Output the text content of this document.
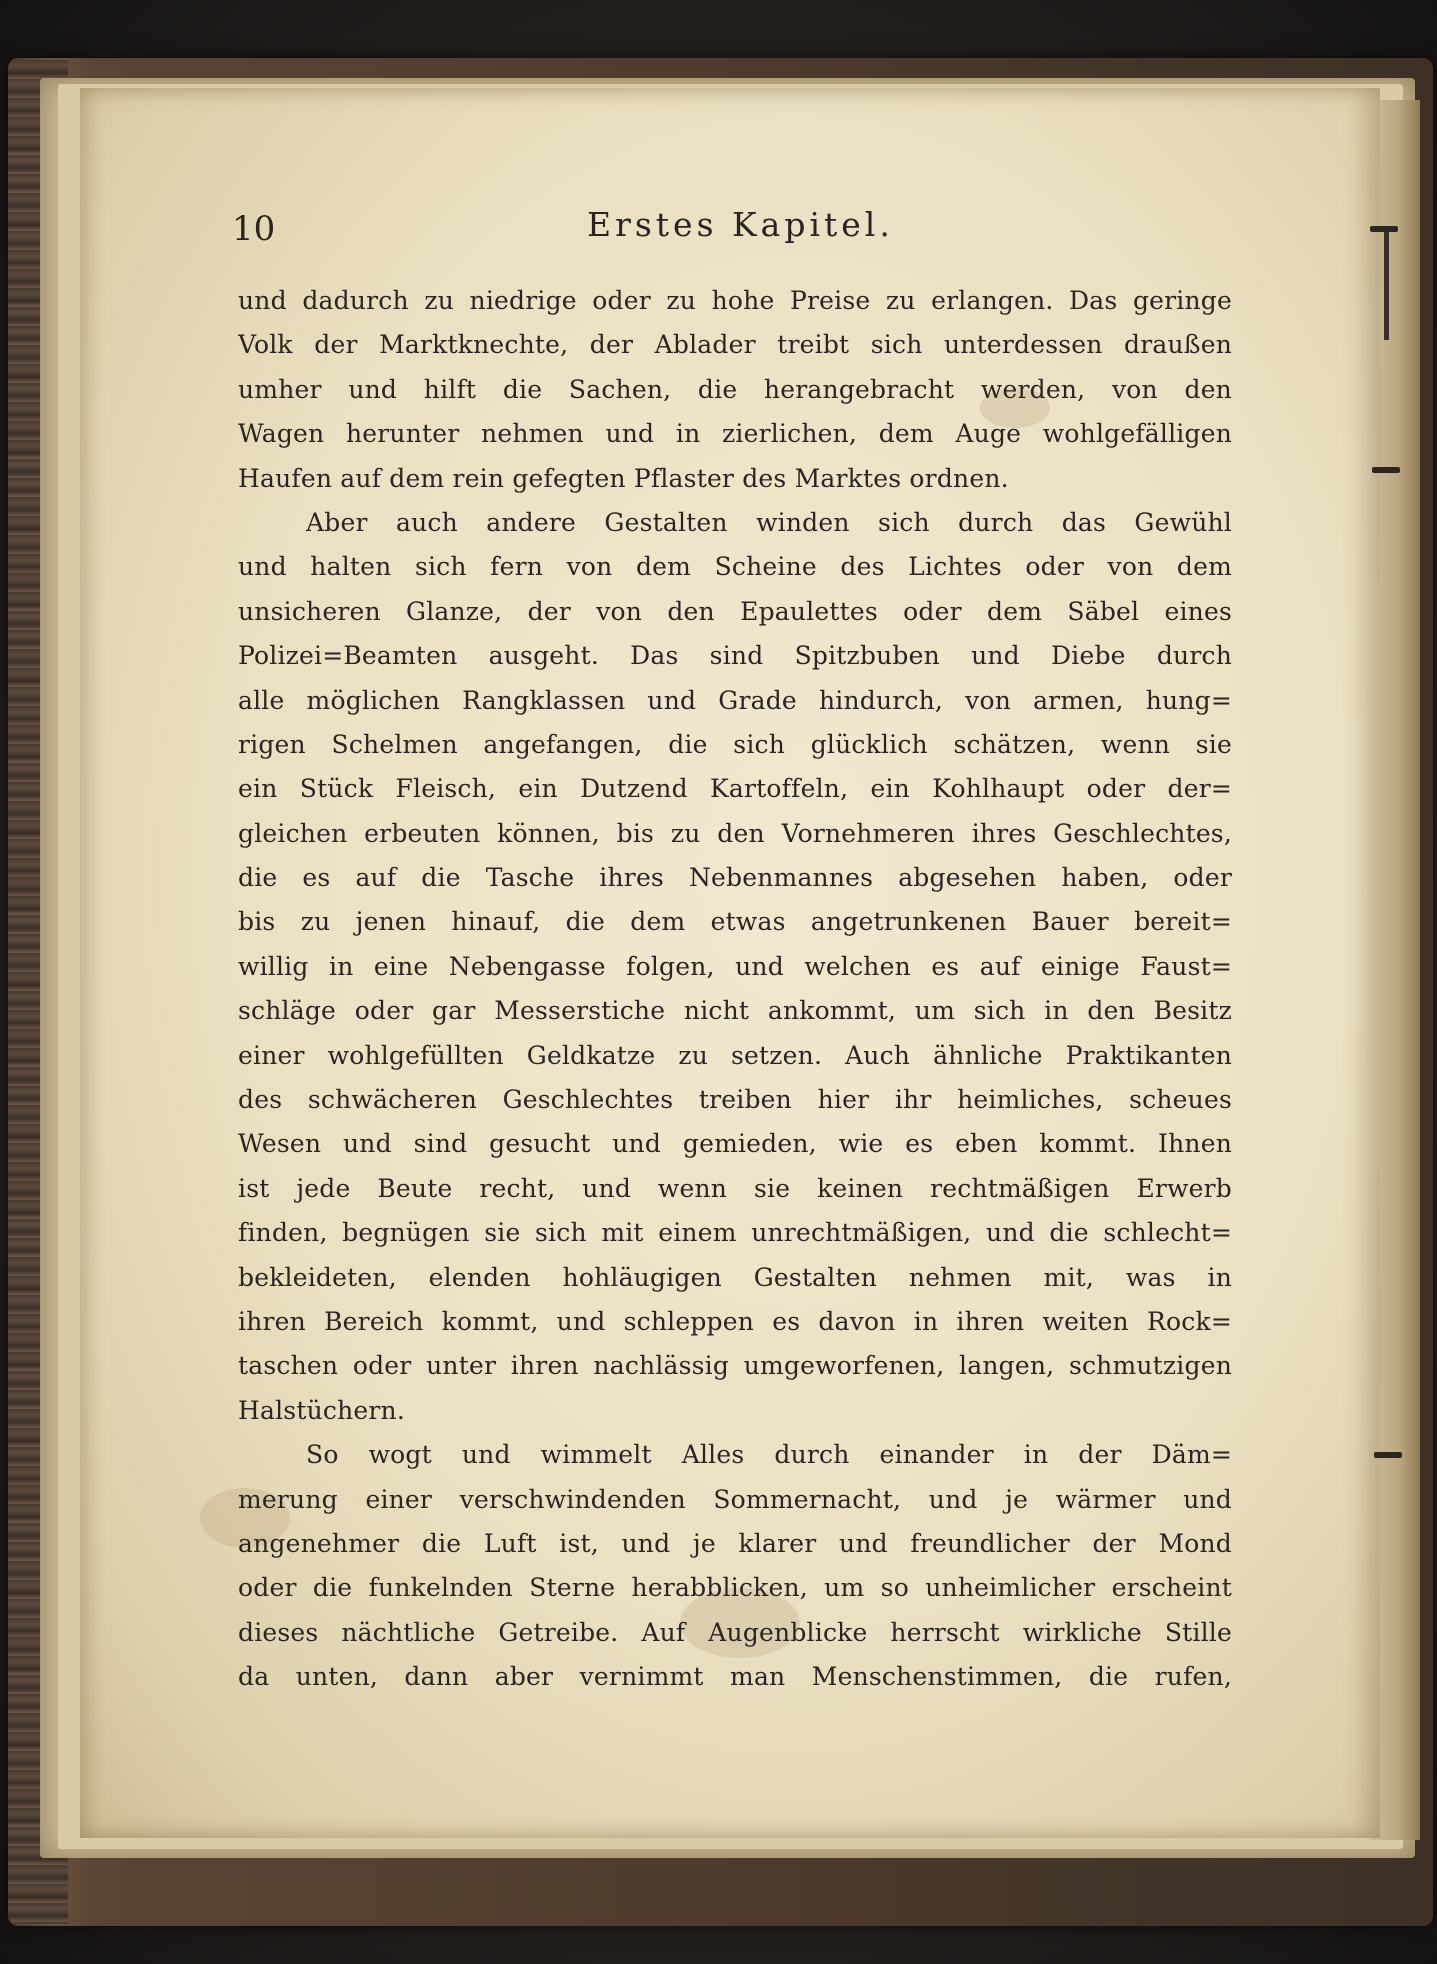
10	Erstes Kapitel.
und dadurch zu niedrige oder zu hohe Preise zu erlangen. Das geringe
Volk der Marktknechte, der Ablader treibt sich unterdessen draußen
umher und hilft die Sachen, die herangebracht werden, von den
Wagen herunter nehmen und in zierlichen, dem Auge wohlgefälligen
Haufen auf dem rein gefegten Pflaster des Marktes ordnen.
Aber auch andere Gestalten winden sich durch das Gewühl
und halten sich fern von dem Scheine des Lichtes oder von dem
unsicheren Glanze, der von den Epaulettes oder dem Säbel eines
Polizei=Beamten ausgeht. Das sind Spitzbuben und Diebe durch
alle möglichen Rangklassen und Grade hindurch, von armen, hung=
rigen Schelmen angefangen, die sich glücklich schätzen, wenn sie
ein Stück Fleisch, ein Dutzend Kartoffeln, ein Kohlhaupt oder der=
gleichen erbeuten können, bis zu den Vornehmeren ihres Geschlechtes,
die es auf die Tasche ihres Nebenmannes abgesehen haben, oder
bis zu jenen hinauf, die dem etwas angetrunkenen Bauer bereit=
willig in eine Nebengasse folgen, und welchen es auf einige Faust=
schläge oder gar Messerstiche nicht ankommt, um sich in den Besitz
einer wohlgefüllten Geldkatze zu setzen. Auch ähnliche Praktikanten
des schwächeren Geschlechtes treiben hier ihr heimliches, scheues
Wesen und sind gesucht und gemieden, wie es eben kommt. Ihnen
ist jede Beute recht, und wenn sie keinen rechtmäßigen Erwerb
finden, begnügen sie sich mit einem unrechtmäßigen, und die schlecht=
bekleideten, elenden hohläugigen Gestalten nehmen mit, was in
ihren Bereich kommt, und schleppen es davon in ihren weiten Rock=
taschen oder unter ihren nachlässig umgeworfenen, langen, schmutzigen
Halstüchern.
So wogt und wimmelt Alles durch einander in der Däm=
merung einer verschwindenden Sommernacht, und je wärmer und
angenehmer die Luft ist, und je klarer und freundlicher der Mond
oder die funkelnden Sterne herabblicken, um so unheimlicher erscheint
dieses nächtliche Getreibe. Auf Augenblicke herrscht wirkliche Stille
da unten, dann aber vernimmt man Menschenstimmen, die rufen,
